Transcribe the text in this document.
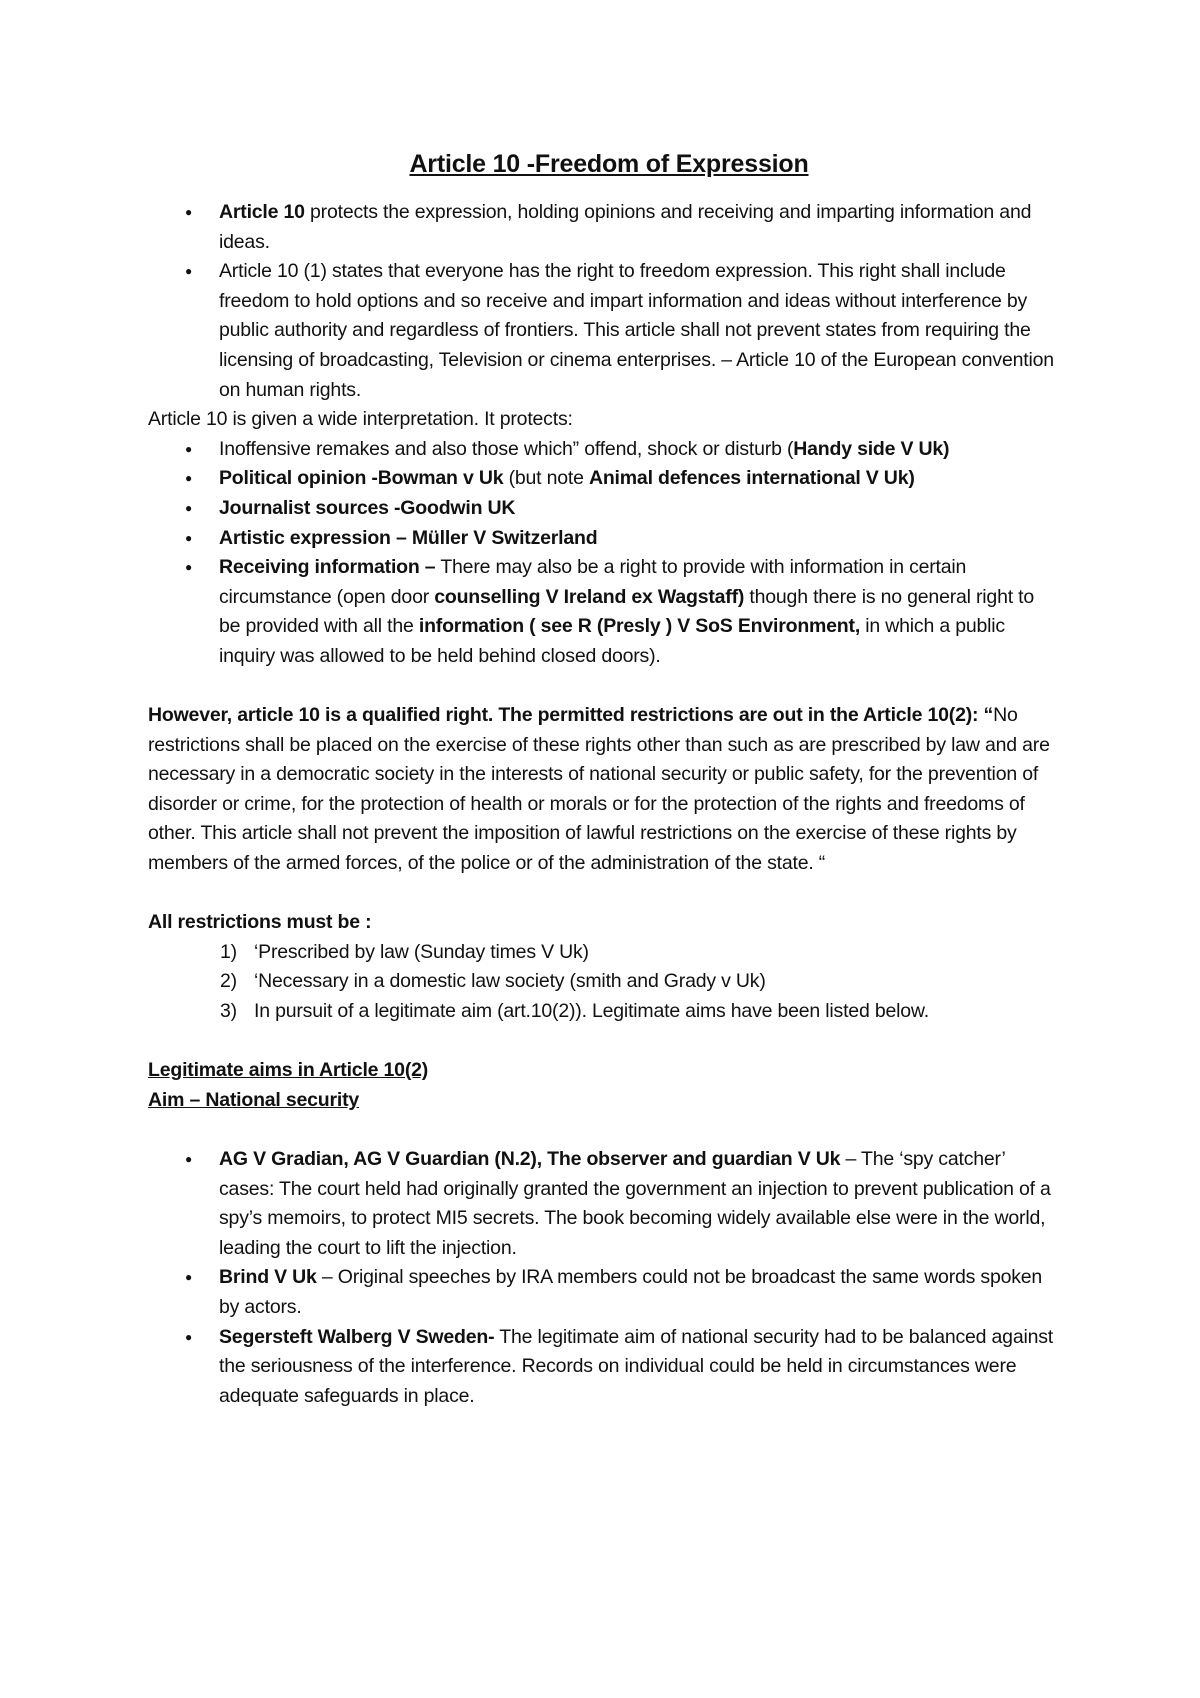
Article 10 -Freedom of Expression
● Article 10 protects the expression, holding opinions and receiving and imparting information and ideas.
● Article 10 (1) states that everyone has the right to freedom expression. This right shall include freedom to hold options and so receive and impart information and ideas without interference by public authority and regardless of frontiers. This article shall not prevent states from requiring the licensing of broadcasting, Television or cinema enterprises. – Article 10 of the European convention on human rights.

Article 10 is given a wide interpretation. It protects:

● Inoffensive remakes and also those which” offend, shock or disturb (Handy side V Uk)
● Political opinion -Bowman v Uk (but note Animal defences international V Uk)
● Journalist sources -Goodwin UK
● Artistic expression – Müller V Switzerland
● Receiving information – There may also be a right to provide with information in certain circumstance (open door counselling V Ireland ex Wagstaff) though there is no general right to be provided with all the information ( see R (Presly ) V SoS Environment, in which a public inquiry was allowed to be held behind closed doors).

However, article 10 is a qualified right. The permitted restrictions are out in the Article 10(2): “No restrictions shall be placed on the exercise of these rights other than such as are prescribed by law and are necessary in a democratic society in the interests of national security or public safety, for the prevention of disorder or crime, for the protection of health or morals or for the protection of the rights and freedoms of other. This article shall not prevent the imposition of lawful restrictions on the exercise of these rights by members of the armed forces, of the police or of the administration of the state. “

All restrictions must be :

1) ‘Prescribed by law (Sunday times V Uk)
2) ‘Necessary in a domestic law society (smith and Grady v Uk)
3) In pursuit of a legitimate aim (art.10(2)). Legitimate aims have been listed below.

Legitimate aims in Article 10(2)

Aim – National security

● AG V Gradian, AG V Guardian (N.2), The observer and guardian V Uk – The ‘spy catcher’ cases: The court held had originally granted the government an injection to prevent publication of a spy’s memoirs, to protect MI5 secrets. The book becoming widely available else were in the world, leading the court to lift the injection.
● Brind V Uk – Original speeches by IRA members could not be broadcast the same words spoken by actors.
● Segersteft Walberg V Sweden- The legitimate aim of national security had to be balanced against the seriousness of the interference. Records on individual could be held in circumstances were adequate safeguards in place.
